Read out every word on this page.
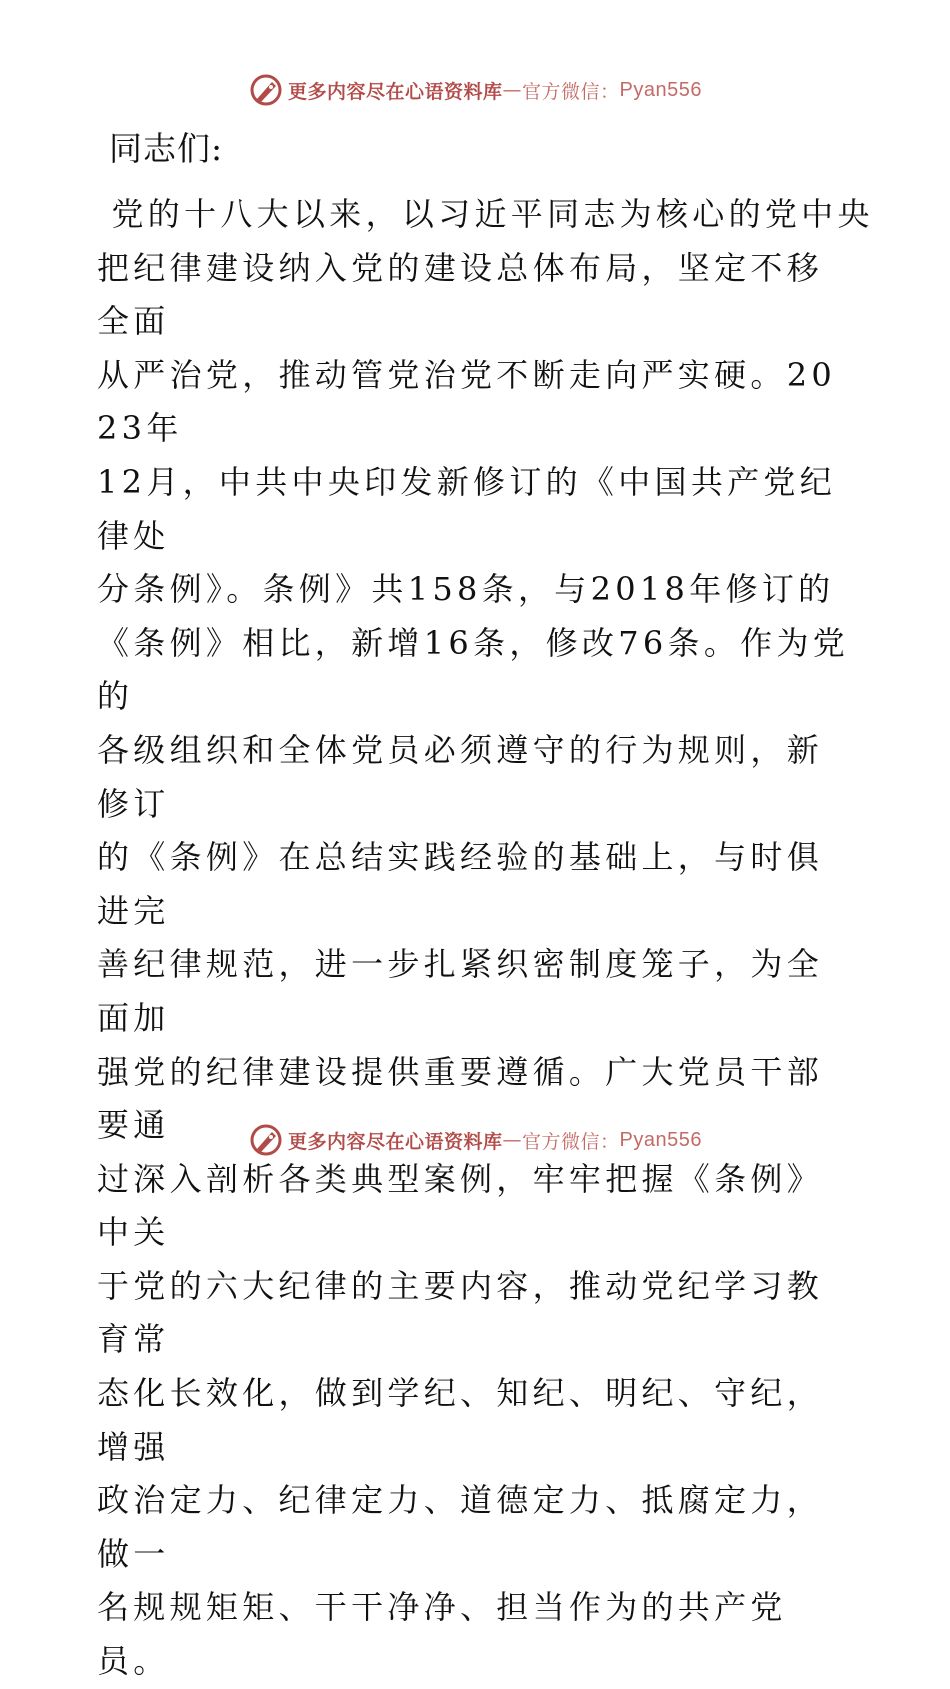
更多内容尽在心语资料库 — 官方微信： Pyan556
同志们:
党的十八大以来，以习近平同志为核心的党中央
把纪律建设纳入党的建设总体布局，坚定不移全面
从严治党，推动管党治党不断走向严实硬。2023年
12月，中共中央印发新修订的《中国共产党纪律处
分条例》。条例》共158条，与2018年修订的
《条例》相比，新增16条，修改76条。作为党的
各级组织和全体党员必须遵守的行为规则，新修订
的《条例》在总结实践经验的基础上，与时俱进完
善纪律规范，进一步扎紧织密制度笼子，为全面加
强党的纪律建设提供重要遵循。广大党员干部要通
过深入剖析各类典型案例，牢牢把握《条例》中关
于党的六大纪律的主要内容，推动党纪学习教育常
态化长效化，做到学纪、知纪、明纪、守纪，增强
政治定力、纪律定力、道德定力、抵腐定力，做一
名规规矩矩、干干净净、担当作为的共产党员。
更多内容尽在心语资料库 — 官方微信： Pyan556
